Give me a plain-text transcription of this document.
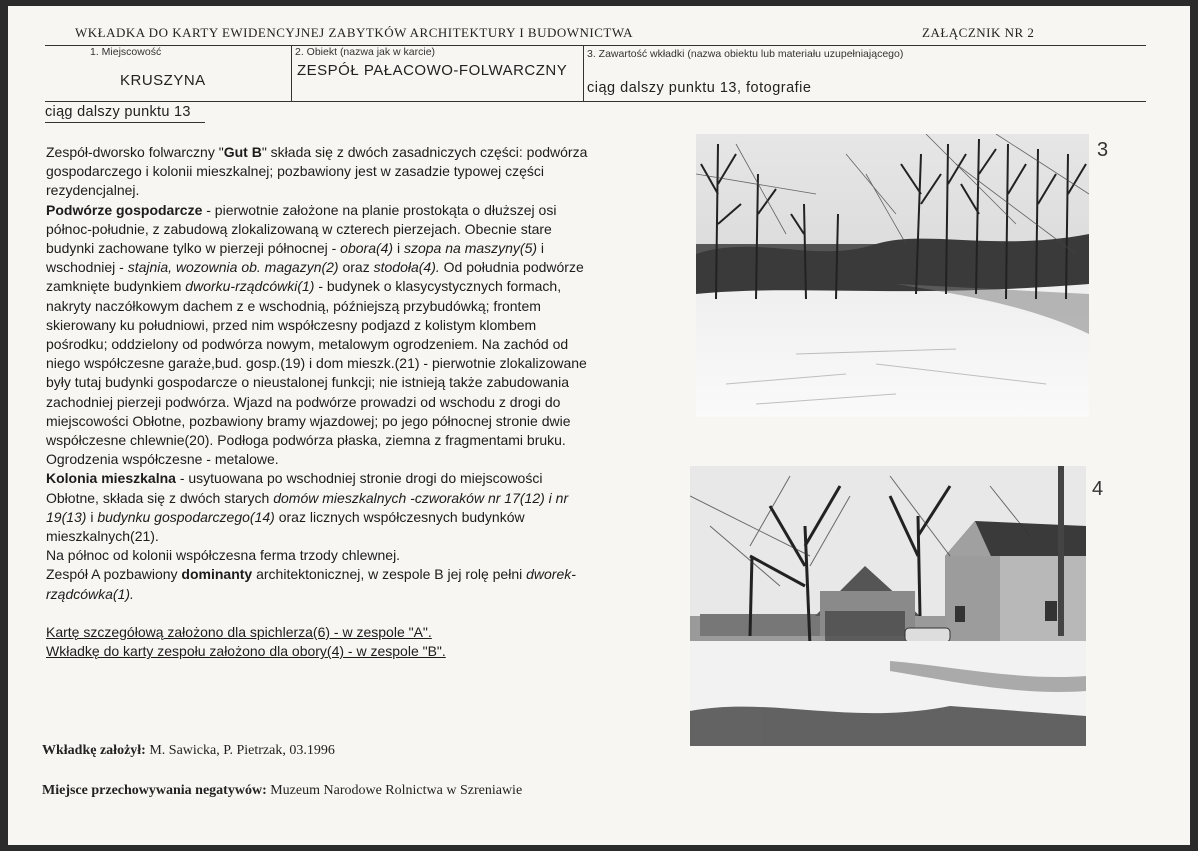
WKŁADKA DO KARTY EWIDENCYJNEJ ZABYTKÓW ARCHITEKTURY I BUDOWNICTWA	ZAŁĄCZNIK NR 2
1. Miejscowość
KRUSZYNA
2. Obiekt (nazwa jak w karcie)
ZESPÓŁ PAŁACOWO-FOLWARCZNY
3. Zawartość wkładki (nazwa obiektu lub materiału uzupełniającego)
ciąg dalszy punktu 13, fotografie
ciąg dalszy punktu 13

Zespół-dworsko folwarczny "Gut B" składa się z dwóch zasadniczych części: podwórza gospodarczego i kolonii mieszkalnej; pozbawiony jest w zasadzie typowej części rezydencjalnej.

Podwórze gospodarcze - pierwotnie założone na planie prostokąta o dłuższej osi północ-południe, z zabudową zlokalizowaną w czterech pierzejach. Obecnie stare budynki zachowane tylko w pierzeji północnej - obora(4) i szopa na maszyny(5) i wschodniej - stajnia, wozownia ob. magazyn(2) oraz stodoła(4). Od południa podwórze zamknięte budynkiem dworku-rządcówki(1) - budynek o klasycystycznych formach, nakryty naczółkowym dachem z e wschodnią, późniejszą przybudówką; frontem skierowany ku południowi, przed nim współczesny podjazd z kolistym klombem pośrodku; oddzielony od podwórza nowym, metalowym ogrodzeniem. Na zachód od niego współczesne garaże,bud. gosp.(19) i dom mieszk.(21) - pierwotnie zlokalizowane były tutaj budynki gospodarcze o nieustalonej funkcji; nie istnieją także zabudowania zachodniej pierzeji podwórza. Wjazd na podwórze prowadzi od wschodu z drogi do miejscowości Obłotne, pozbawiony bramy wjazdowej; po jego północnej stronie dwie współczesne chlewnie(20). Podłoga podwórza płaska, ziemna z fragmentami bruku. Ogrodzenia współczesne - metalowe.

Kolonia mieszkalna - usytuowana po wschodniej stronie drogi do miejscowości Obłotne, składa się z dwóch starych domów mieszkalnych -czworaków nr 17(12) i nr 19(13) i budynku gospodarczego(14) oraz licznych współczesnych budynków mieszkalnych(21).

Na północ od kolonii współczesna ferma trzody chlewnej.

Zespół A pozbawiony dominanty architektonicznej, w zespole B jej rolę pełni dworek-rządcówka(1).

Kartę szczegółową założono dla spichlerza(6) - w zespole "A".

Wkładkę do karty zespołu założono dla obory(4) - w zespole "B".

Wkładkę założył: M. Sawicka, P. Pietrzak, 03.1996
Miejsce przechowywania negatywów: Muzeum Narodowe Rolnictwa w Szreniawie
3
4
